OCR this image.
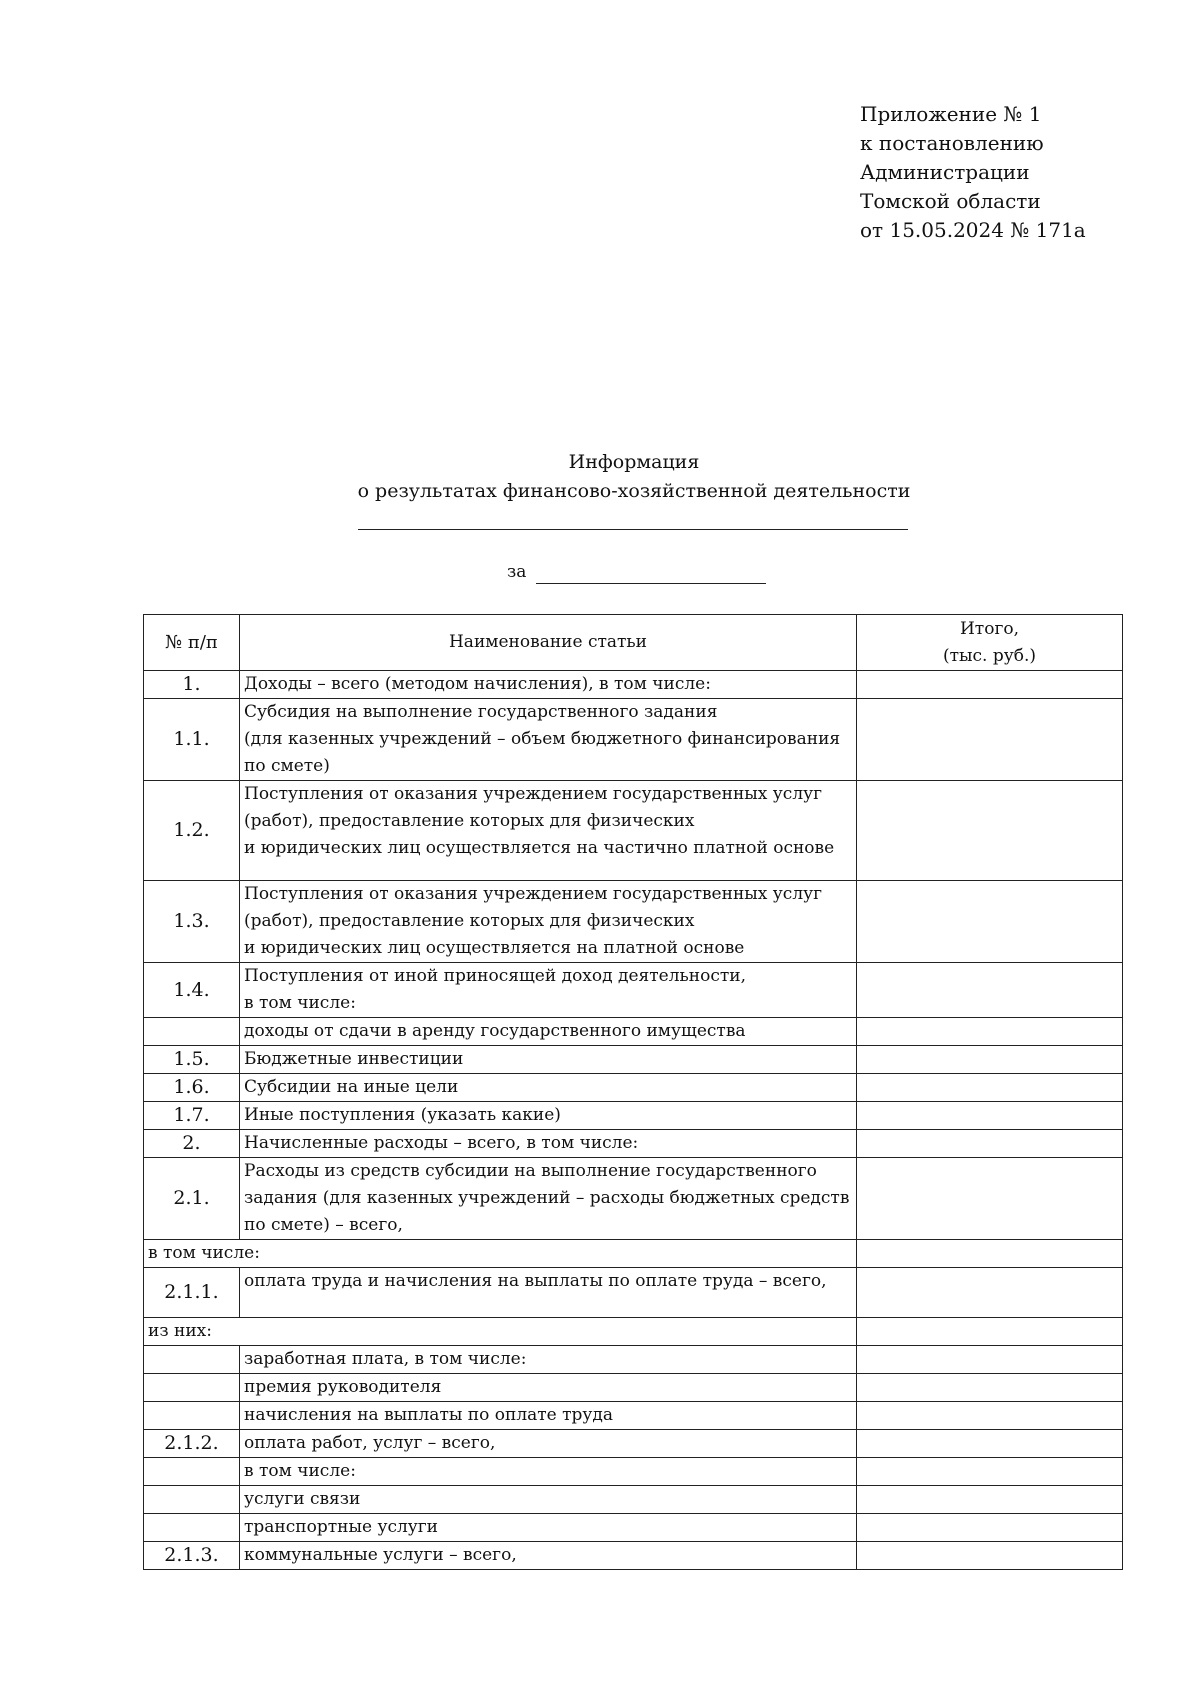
Приложение № 1
к постановлению
Администрации
Томской области
от 15.05.2024 № 171а
Информация
о результатах финансово-хозяйственной деятельности
за
№ п/п	Наименование статьи	Итого,
(тыс. руб.)

1.	Доходы – всего (методом начисления), в том числе:	

1.1.	Субсидия на выполнение государственного задания
(для казенных учреждений – объем бюджетного финансирования
по смете)	

1.2.	Поступления от оказания учреждением государственных услуг
(работ), предоставление которых для физических
и юридических лиц осуществляется на частично платной основе	

1.3.	Поступления от оказания учреждением государственных услуг
(работ), предоставление которых для физических
и юридических лиц осуществляется на платной основе	

1.4.	Поступления от иной приносящей доход деятельности,
в том числе:	

	доходы от сдачи в аренду государственного имущества	

1.5.	Бюджетные инвестиции	

1.6.	Субсидии на иные цели	

1.7.	Иные поступления (указать какие)	

2.	Начисленные расходы – всего, в том числе:	

2.1.	Расходы из средств субсидии на выполнение государственного
задания (для казенных учреждений – расходы бюджетных средств
по смете) – всего,	

в том числе:		
2.1.1.	оплата труда и начисления на выплаты по оплате труда – всего,	

из них:		

	заработная плата, в том числе:	

	премия руководителя	

	начисления на выплаты по оплате труда	

2.1.2.	оплата работ, услуг – всего,	

	в том числе:	

	услуги связи	

	транспортные услуги	

2.1.3.	коммунальные услуги – всего,	
